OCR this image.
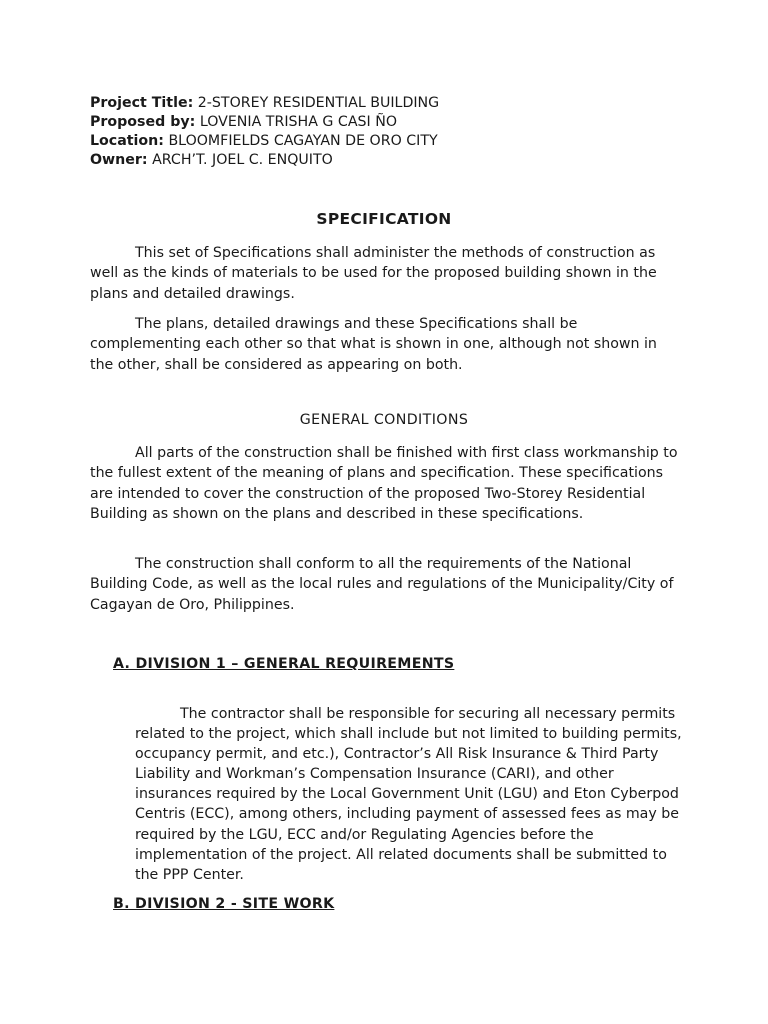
Project Title: 2-STOREY RESIDENTIAL BUILDING
Proposed by: LOVENIA TRISHA G CASI ÑO
Location: BLOOMFIELDS CAGAYAN DE ORO CITY
Owner: ARCH’T. JOEL C. ENQUITO
SPECIFICATION

This set of Specifications shall administer the methods of construction as well as the kinds of materials to be used for the proposed building shown in the plans and detailed drawings.

The plans, detailed drawings and these Specifications shall be complementing each other so that what is shown in one, although not shown in the other, shall be considered as appearing on both.

GENERAL CONDITIONS

All parts of the construction shall be finished with first class workmanship to the fullest extent of the meaning of plans and specification. These specifications are intended to cover the construction of the proposed Two-Storey Residential Building as shown on the plans and described in these specifications.

The construction shall conform to all the requirements of the National Building Code, as well as the local rules and regulations of the Municipality/City of Cagayan de Oro, Philippines.

A. DIVISION 1 – GENERAL REQUIREMENTS

The contractor shall be responsible for securing all necessary permits related to the project, which shall include but not limited to building permits, occupancy permit, and etc.), Contractor’s All Risk Insurance & Third Party Liability and Workman’s Compensation Insurance (CARI), and other insurances required by the Local Government Unit (LGU) and Eton Cyberpod Centris (ECC), among others, including payment of assessed fees as may be required by the LGU, ECC and/or Regulating Agencies before the implementation of the project. All related documents shall be submitted to the PPP Center.

B. DIVISION 2 - SITE WORK
